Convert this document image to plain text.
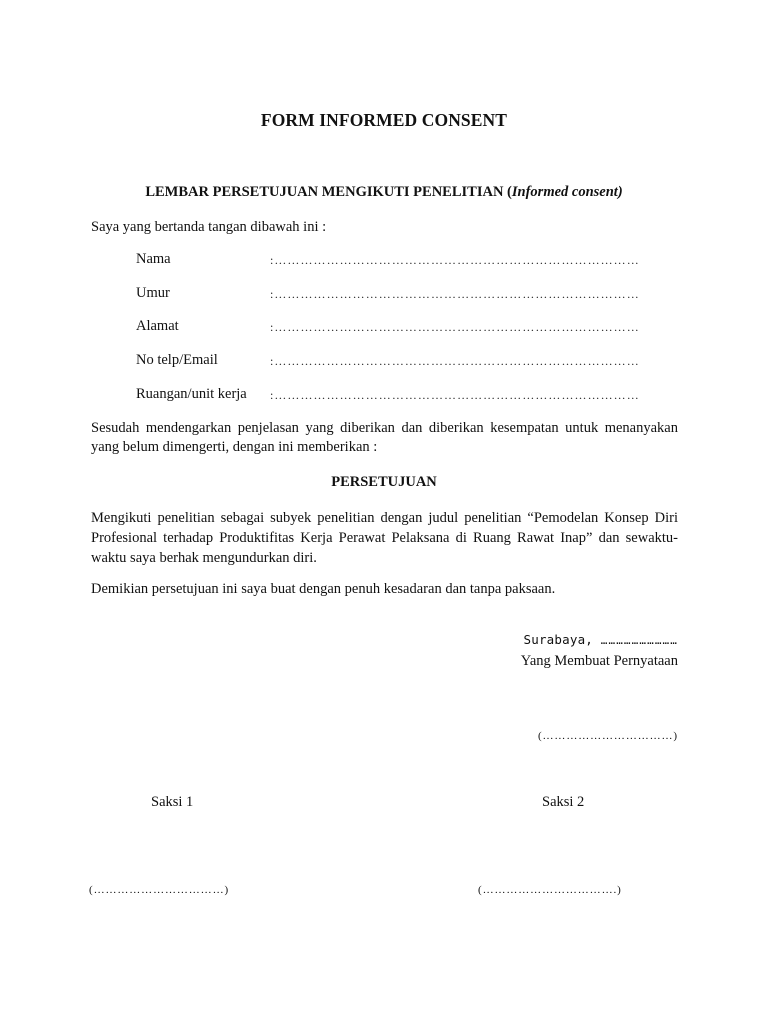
FORM INFORMED CONSENT
LEMBAR PERSETUJUAN MENGIKUTI PENELITIAN (Informed consent)
Saya yang bertanda tangan dibawah ini :
Nama	:…………………………………………………………………………
Umur	:…………………………………………………………………………
Alamat	:…………………………………………………………………………
No telp/Email	:…………………………………………………………………………
Ruangan/unit kerja :…………………………………………………………………………
Sesudah mendengarkan penjelasan yang diberikan dan diberikan kesempatan untuk menanyakan yang belum dimengerti, dengan ini memberikan :
PERSETUJUAN
Mengikuti penelitian sebagai subyek penelitian dengan judul penelitian “Pemodelan Konsep Diri Profesional terhadap Produktifitas Kerja Perawat Pelaksana di Ruang Rawat Inap” dan sewaktu-waktu saya berhak mengundurkan diri.
Demikian persetujuan ini saya buat dengan penuh kesadaran dan tanpa paksaan.
Surabaya, …………………………
Yang Membuat Pernyataan
(……………………………)
Saksi 1	Saksi 2
(……………………………)	(…………………………….)
